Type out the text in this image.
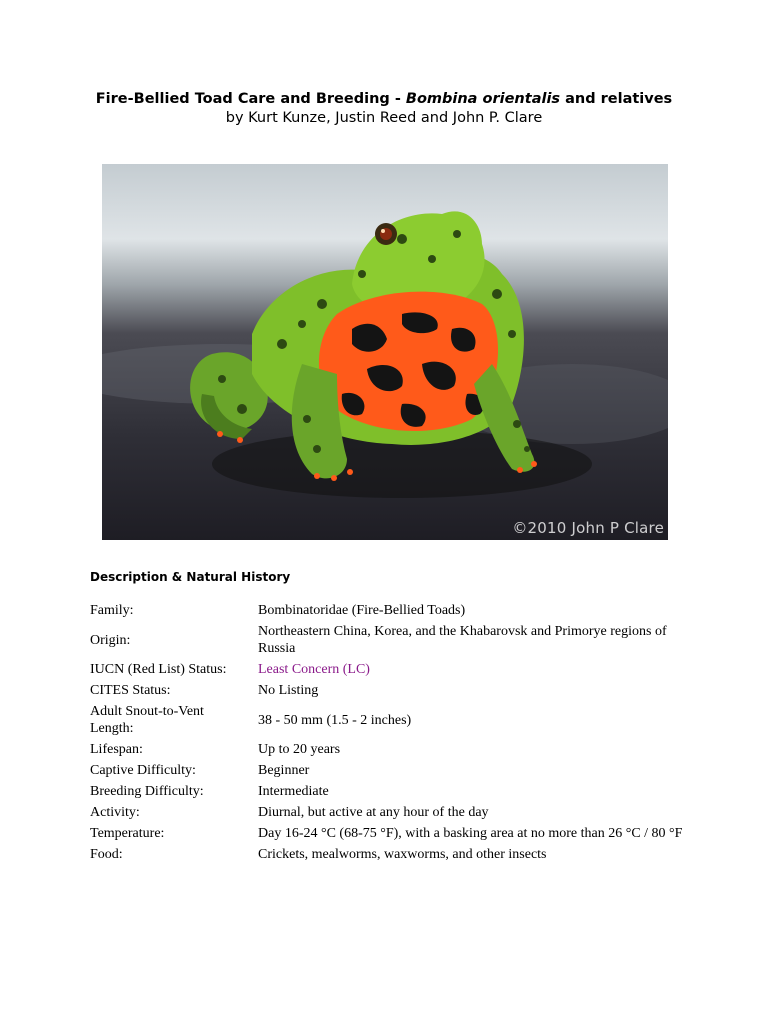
Fire-Bellied Toad Care and Breeding - Bombina orientalis and relatives
by Kurt Kunze, Justin Reed and John P. Clare
©2010 John P Clare
Description & Natural History
Family:	Bombinatoridae (Fire-Bellied Toads)
Origin:	Northeastern China, Korea, and the Khabarovsk and Primorye regions of Russia
IUCN (Red List) Status:	Least Concern (LC)
CITES Status:	No Listing
Adult Snout-to-Vent Length:	38 - 50 mm (1.5 - 2 inches)
Lifespan:	Up to 20 years
Captive Difficulty:	Beginner
Breeding Difficulty:	Intermediate
Activity:	Diurnal, but active at any hour of the day
Temperature:	Day 16-24 °C (68-75 °F), with a basking area at no more than 26 °C / 80 °F
Food:	Crickets, mealworms, waxworms, and other insects
